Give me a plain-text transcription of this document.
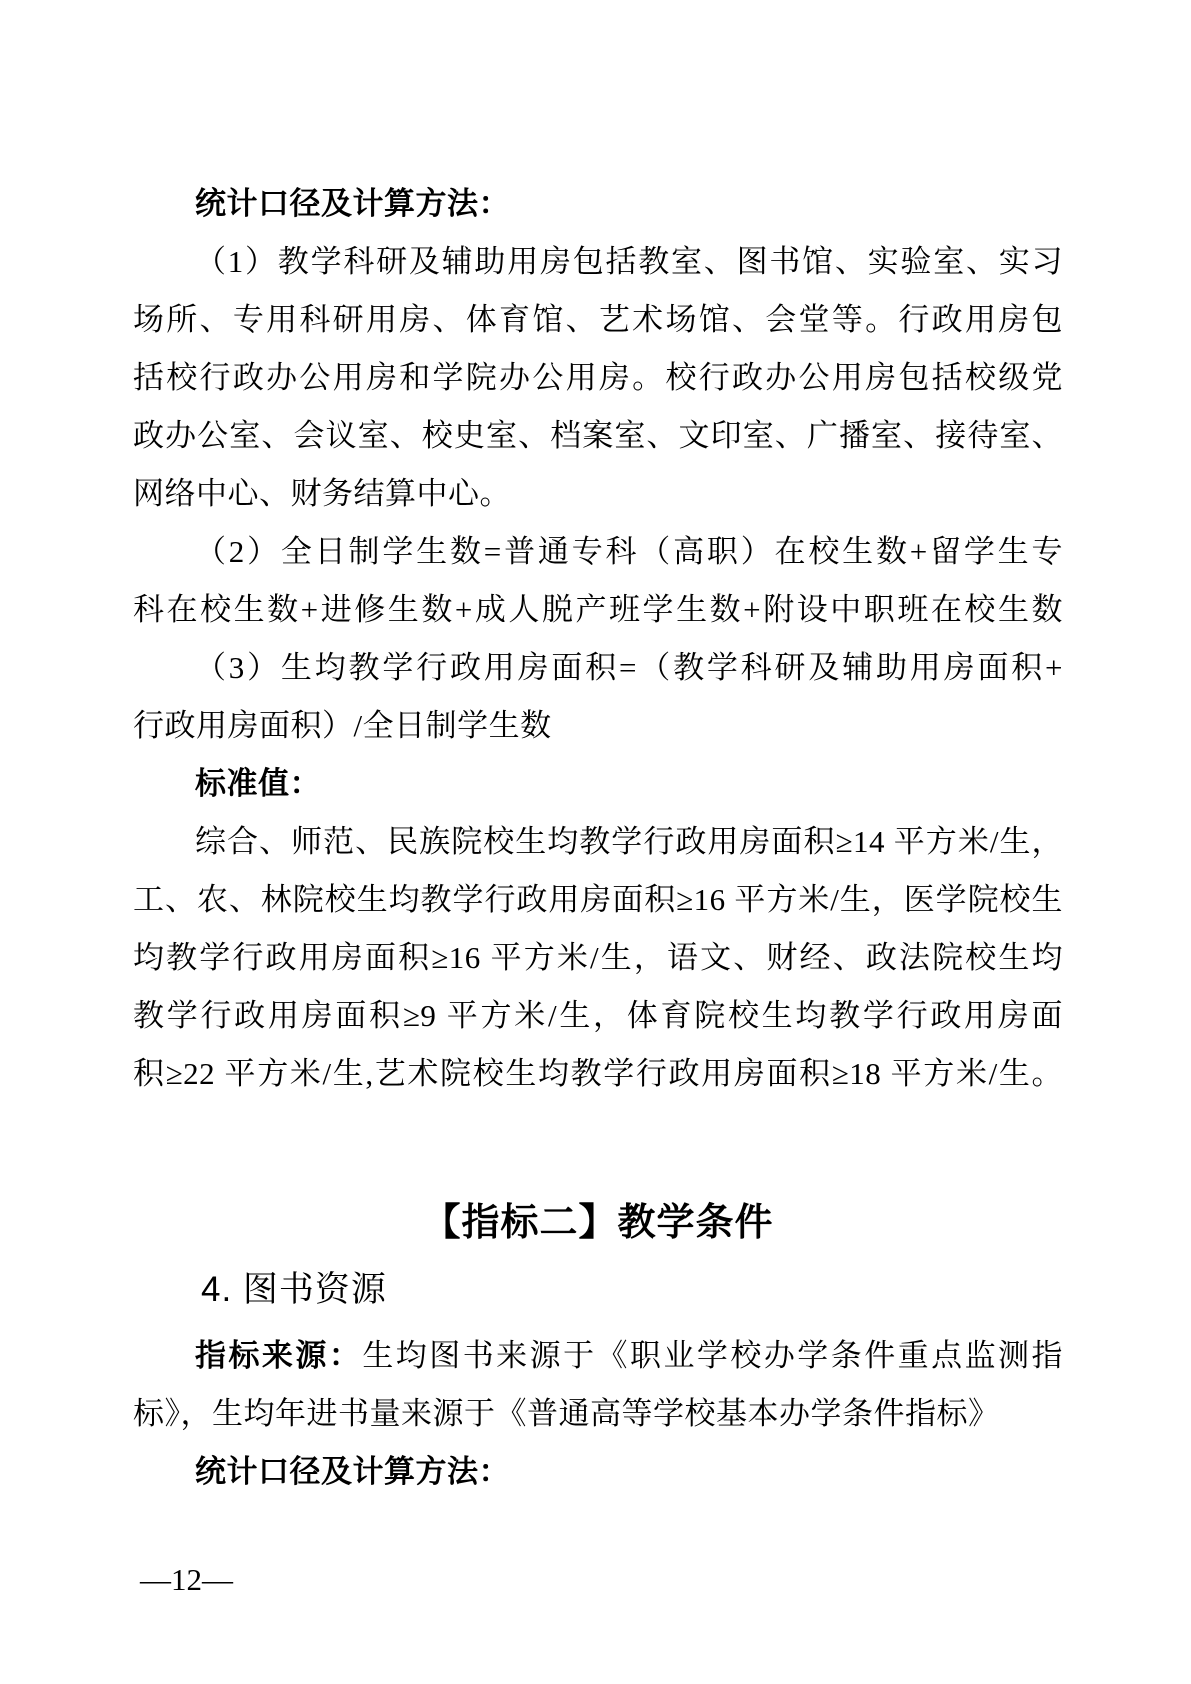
统计口径及计算方法：
（1）教学科研及辅助用房包括教室、图书馆、实验室、实习
场所、专用科研用房、体育馆、艺术场馆、会堂等。行政用房包
括校行政办公用房和学院办公用房。校行政办公用房包括校级党
政办公室、会议室、校史室、档案室、文印室、广播室、接待室、
网络中心、财务结算中心。
（2）全日制学生数=普通专科（高职）在校生数+留学生专
科在校生数+进修生数+成人脱产班学生数+附设中职班在校生数
（3）生均教学行政用房面积=（教学科研及辅助用房面积+
行政用房面积）/全日制学生数
标准值：
综合、师范、民族院校生均教学行政用房面积≥14 平方米/生，
工、农、林院校生均教学行政用房面积≥16 平方米/生，医学院校生
均教学行政用房面积≥16 平方米/生，语文、财经、政法院校生均
教学行政用房面积≥9 平方米/生，体育院校生均教学行政用房面
积≥22 平方米/生,艺术院校生均教学行政用房面积≥18 平方米/生。
【指标二】教学条件
4. 图书资源
指标来源：生均图书来源于《职业学校办学条件重点监测指
标》，生均年进书量来源于《普通高等学校基本办学条件指标》
统计口径及计算方法：
—12—
